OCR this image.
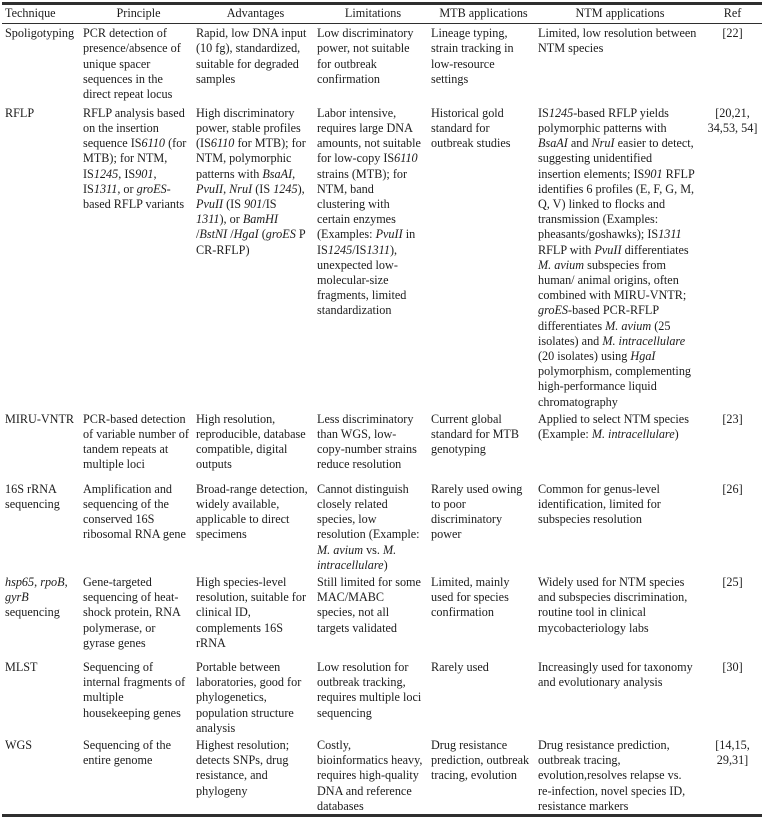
Technique	Principle	Advantages	Limitations	MTB applications	NTM applications	Ref
Spoligotyping	PCR detection of presence/absence of unique spacer sequences in the direct repeat locus	Rapid, low DNA input (10 fg), standardized, suitable for degraded samples	Low discriminatory power, not suitable for outbreak confirmation	Lineage typing, strain tracking in low-resource settings	Limited, low resolution between NTM species	[22]
RFLP	RFLP analysis based on the insertion sequence IS6110 (for MTB); for NTM, IS1245, IS901, IS1311, or groES-based RFLP variants	High discriminatory power, stable profiles (IS6110 for MTB); for NTM, polymorphic patterns with BsaAI, PvuII, NruI (IS 1245), PvuII (IS 901/IS 1311), or BamHI /BstNI /HgaI (groES P CR-RFLP)	Labor intensive, requires large DNA amounts, not suitable for low-copy IS6110 strains (MTB); for NTM, band clustering with certain enzymes (Examples: PvuII in IS1245/IS1311), unexpected low-molecular-size fragments, limited standardization	Historical gold standard for outbreak studies	IS1245-based RFLP yields polymorphic patterns with BsaAI and NruI easier to detect, suggesting unidentified insertion elements; IS901 RFLP identifies 6 profiles (E, F, G, M, Q, V) linked to flocks and transmission (Examples: pheasants/goshawks); IS1311 RFLP with PvuII differentiates M. avium subspecies from human/ animal origins, often combined with MIRU-VNTR; groES-based PCR-RFLP differentiates M. avium (25 isolates) and M. intracellulare (20 isolates) using HgaI polymorphism, complementing high-performance liquid chromatography	[20,21, 34,53, 54]
MIRU-VNTR	PCR-based detection of variable number of tandem repeats at multiple loci	High resolution, reproducible, database compatible, digital outputs	Less discriminatory than WGS, low-copy-number strains reduce resolution	Current global standard for MTB genotyping	Applied to select NTM species (Example: M. intracellulare)	[23]
16S rRNA sequencing	Amplification and sequencing of the conserved 16S ribosomal RNA gene	Broad-range detection, widely available, applicable to direct specimens	Cannot distinguish closely related species, low resolution (Example: M. avium vs. M. intracellulare)	Rarely used owing to poor discriminatory power	Common for genus-level identification, limited for subspecies resolution	[26]
hsp65, rpoB, gyrB sequencing	Gene-targeted sequencing of heat-shock protein, RNA polymerase, or gyrase genes	High species-level resolution, suitable for clinical ID, complements 16S rRNA	Still limited for some MAC/MABC species, not all targets validated	Limited, mainly used for species confirmation	Widely used for NTM species and subspecies discrimination, routine tool in clinical mycobacteriology labs	[25]
MLST	Sequencing of internal fragments of multiple housekeeping genes	Portable between laboratories, good for phylogenetics, population structure analysis	Low resolution for outbreak tracking, requires multiple loci sequencing	Rarely used	Increasingly used for taxonomy and evolutionary analysis	[30]
WGS	Sequencing of the entire genome	Highest resolution; detects SNPs, drug resistance, and phylogeny	Costly, bioinformatics heavy, requires high-quality DNA and reference databases	Drug resistance prediction, outbreak tracing, evolution	Drug resistance prediction, outbreak tracing, evolution,resolves relapse vs. re-infection, novel species ID, resistance markers	[14,15, 29,31]
